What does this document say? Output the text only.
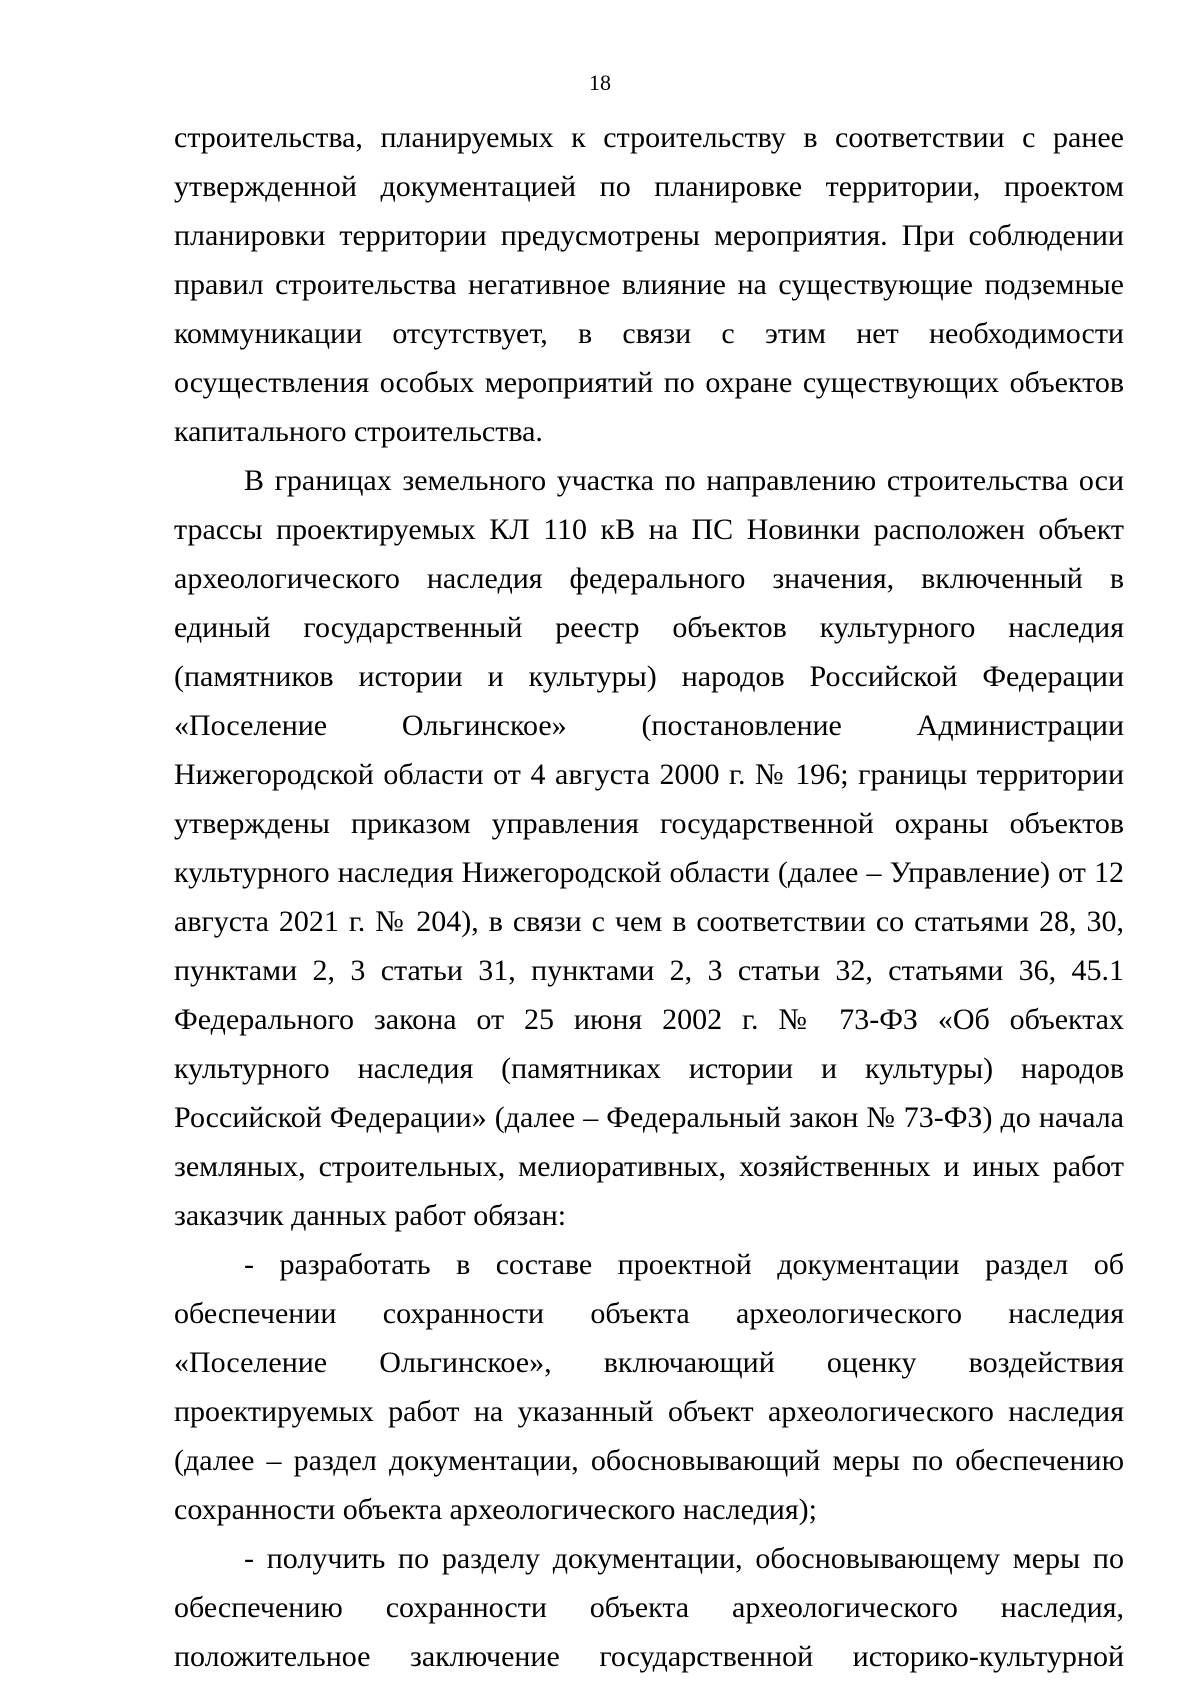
18

строительства, планируемых к строительству в соответствии с ранее утвержденной документацией по планировке территории, проектом планировки территории предусмотрены мероприятия. При соблюдении правил строительства негативное влияние на существующие подземные коммуникации отсутствует, в связи с этим нет необходимости осуществления особых мероприятий по охране существующих объектов капитального строительства.

В границах земельного участка по направлению строительства оси трассы проектируемых КЛ 110 кВ на ПС Новинки расположен объект археологического наследия федерального значения, включенный в единый государственный реестр объектов культурного наследия (памятников истории и культуры) народов Российской Федерации «Поселение Ольгинское» (постановление Администрации Нижегородской области от 4 августа 2000 г. № 196; границы территории утверждены приказом управления государственной охраны объектов культурного наследия Нижегородской области (далее – Управление) от 12 августа 2021 г. № 204), в связи с чем в соответствии со статьями 28, 30, пунктами 2, 3 статьи 31, пунктами 2, 3 статьи 32, статьями 36, 45.1 Федерального закона от 25 июня 2002 г. № 73-ФЗ «Об объектах культурного наследия (памятниках истории и культуры) народов Российской Федерации» (далее – Федеральный закон № 73-ФЗ) до начала земляных, строительных, мелиоративных, хозяйственных и иных работ заказчик данных работ обязан:

- разработать в составе проектной документации раздел об обеспечении сохранности объекта археологического наследия «Поселение Ольгинское», включающий оценку воздействия проектируемых работ на указанный объект археологического наследия (далее – раздел документации, обосновывающий меры по обеспечению сохранности объекта археологического наследия);

- получить по разделу документации, обосновывающему меры по обеспечению сохранности объекта археологического наследия, положительное заключение государственной историко-культурной
